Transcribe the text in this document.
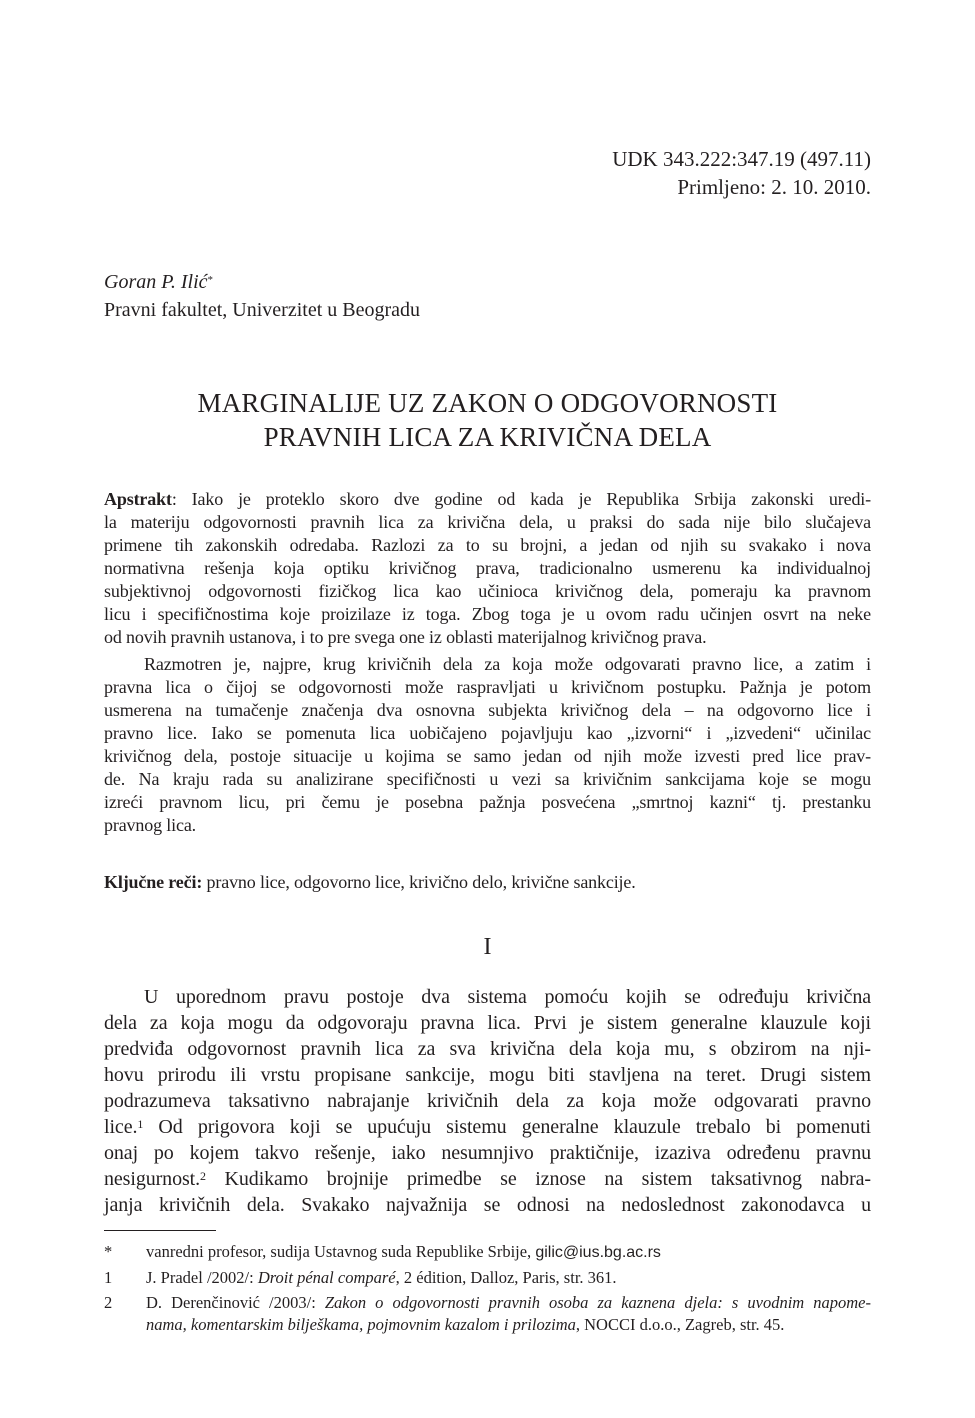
UDK 343.222:347.19 (497.11)
Primljeno: 2. 10. 2010.
Goran P. Ilić*
Pravni fakultet, Univerzitet u Beogradu
MARGINALIJE UZ ZAKON O ODGOVORNOSTI
PRAVNIH LICA ZA KRIVIČNA DELA
Apstrakt: Iako je proteklo skoro dve godine od kada je Republika Srbija zakonski uredi-
la materiju odgovornosti pravnih lica za krivična dela, u praksi do sada nije bilo slučajeva
primene tih zakonskih odredaba. Razlozi za to su brojni, a jedan od njih su svakako i nova
normativna rešenja koja optiku krivičnog prava, tradicionalno usmerenu ka individualnoj
subjektivnoj odgovornosti fizičkog lica kao učinioca krivičnog dela, pomeraju ka pravnom
licu i specifičnostima koje proizilaze iz toga. Zbog toga je u ovom radu učinjen osvrt na neke
od novih pravnih ustanova, i to pre svega one iz oblasti materijalnog krivičnog prava.
Razmotren je, najpre, krug krivičnih dela za koja može odgovarati pravno lice, a zatim i
pravna lica o čijoj se odgovornosti može raspravljati u krivičnom postupku. Pažnja je potom
usmerena na tumačenje značenja dva osnovna subjekta krivičnog dela – na odgovorno lice i
pravno lice. Iako se pomenuta lica uobičajeno pojavljuju kao „izvorni“ i „izvedeni“ učinilac
krivičnog dela, postoje situacije u kojima se samo jedan od njih može izvesti pred lice prav-
de. Na kraju rada su analizirane specifičnosti u vezi sa krivičnim sankcijama koje se mogu
izreći pravnom licu, pri čemu je posebna pažnja posvećena „smrtnoj kazni“ tj. prestanku
pravnog lica.
Ključne reči: pravno lice, odgovorno lice, krivično delo, krivične sankcije.
I
U uporednom pravu postoje dva sistema pomoću kojih se određuju krivična
dela za koja mogu da odgovoraju pravna lica. Prvi je sistem generalne klauzule koji
predviđa odgovornost pravnih lica za sva krivična dela koja mu, s obzirom na nji-
hovu prirodu ili vrstu propisane sankcije, mogu biti stavljena na teret. Drugi sistem
podrazumeva taksativno nabrajanje krivičnih dela za koja može odgovarati pravno
lice.$^1$ Od prigovora koji se upućuju sistemu generalne klauzule trebalo bi pomenuti
onaj po kojem takvo rešenje, iako nesumnjivo praktičnije, izaziva određenu pravnu
nesigurnost.$^2$ Kudikamo brojnije primedbe se iznose na sistem taksativnog nabra-
janja krivičnih dela. Svakako najvažnija se odnosi na nedoslednost zakonodavca u
*	vanredni profesor, sudija Ustavnog suda Republike Srbije, gilic@ius.bg.ac.rs
1	J. Pradel /2002/: Droit pénal comparé, 2 édition, Dalloz, Paris, str. 361.
2	D. Derenčinović /2003/: Zakon o odgovornosti pravnih osoba za kaznena djela: s uvodnim napome-
nama, komentarskim bilješkama, pojmovnim kazalom i prilozima, NOCCI d.o.o., Zagreb, str. 45.
